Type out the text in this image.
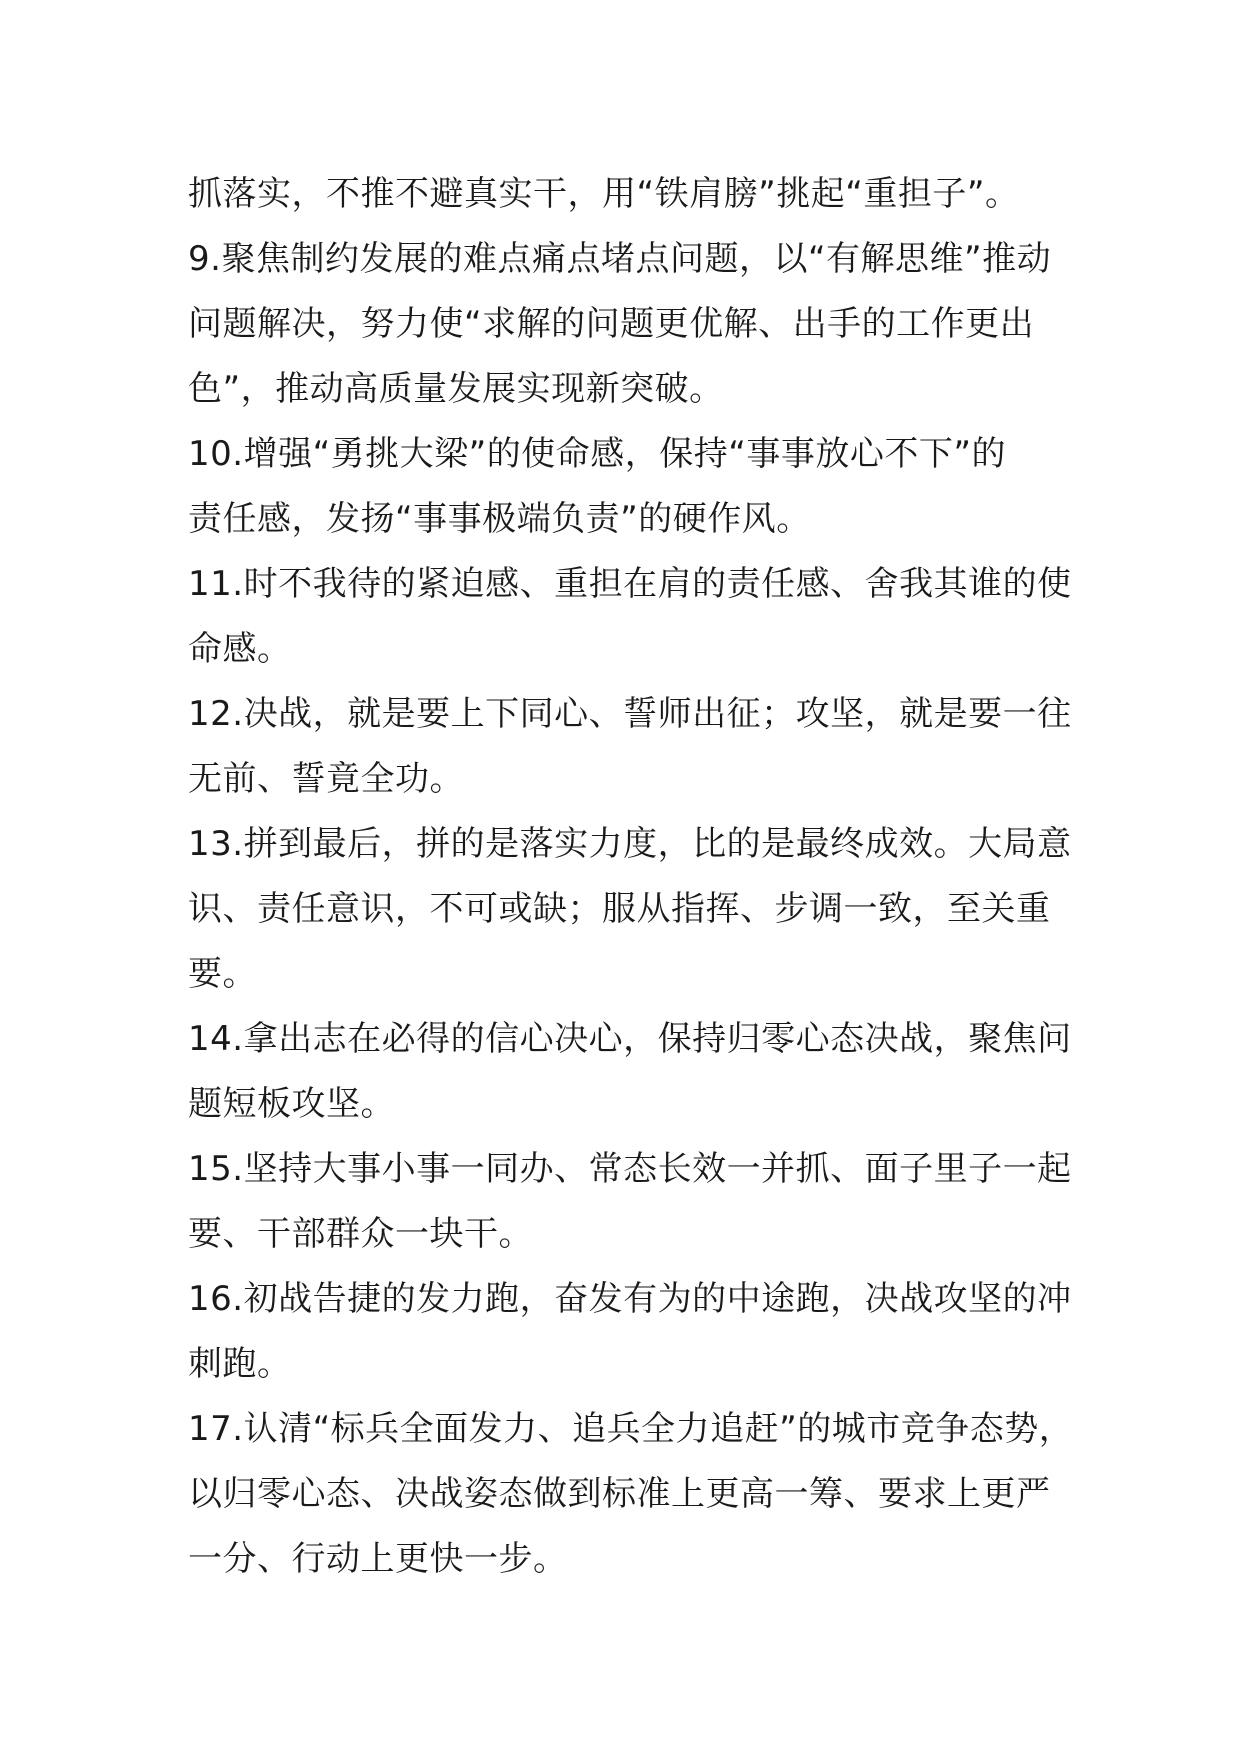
抓落实，不推不避真实干，用“铁肩膀”挑起“重担子”。
9.聚焦制约发展的难点痛点堵点问题，以“有解思维”推动
问题解决，努力使“求解的问题更优解、出手的工作更出
色”，推动高质量发展实现新突破。
10.增强“勇挑大梁”的使命感，保持“事事放心不下”的
责任感，发扬“事事极端负责”的硬作风。
11.时不我待的紧迫感、重担在肩的责任感、舍我其谁的使
命感。
12.决战，就是要上下同心、誓师出征；攻坚，就是要一往
无前、誓竟全功。
13.拼到最后，拼的是落实力度，比的是最终成效。大局意
识、责任意识，不可或缺；服从指挥、步调一致，至关重
要。
14.拿出志在必得的信心决心，保持归零心态决战，聚焦问
题短板攻坚。
15.坚持大事小事一同办、常态长效一并抓、面子里子一起
要、干部群众一块干。
16.初战告捷的发力跑，奋发有为的中途跑，决战攻坚的冲
刺跑。
17.认清“标兵全面发力、追兵全力追赶”的城市竞争态势，
以归零心态、决战姿态做到标准上更高一筹、要求上更严
一分、行动上更快一步。
